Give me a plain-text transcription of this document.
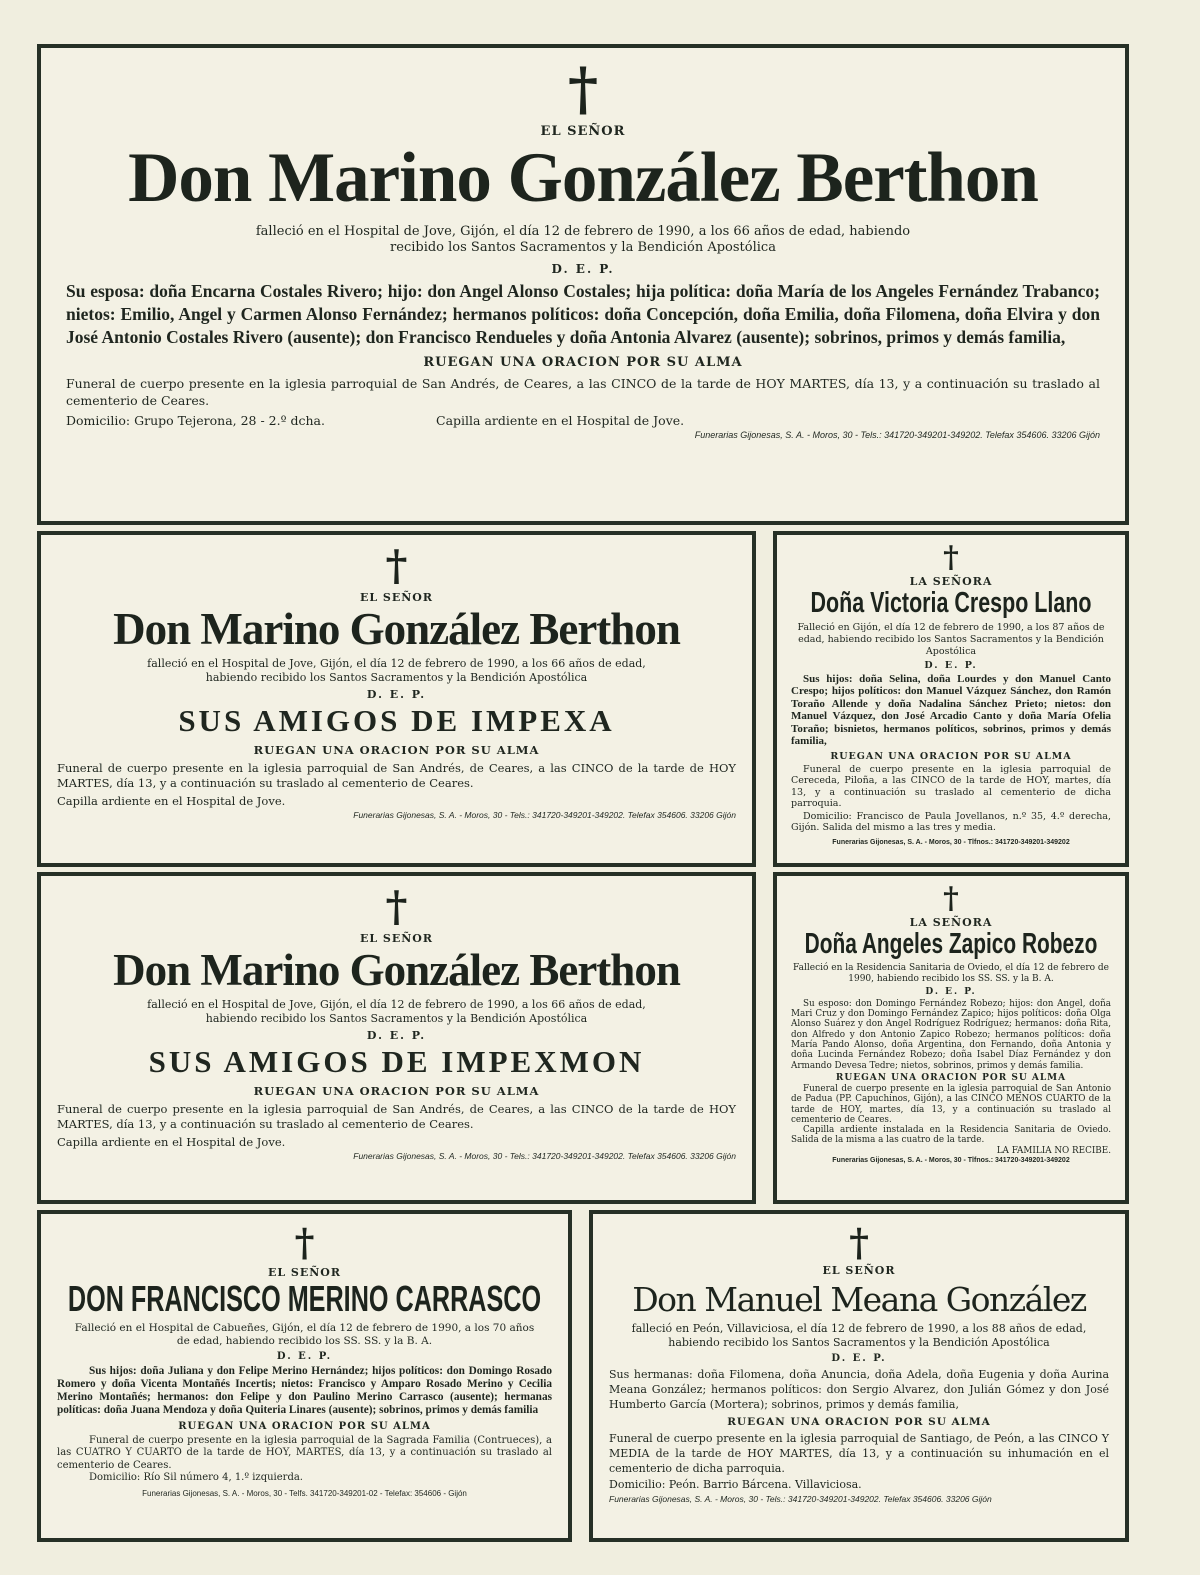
†
EL SEÑOR
Don Marino González Berthon
falleció en el Hospital de Jove, Gijón, el día 12 de febrero de 1990, a los 66 años de edad, habiendo recibido los Santos Sacramentos y la Bendición Apostólica
D. E. P.
Su esposa: doña Encarna Costales Rivero; hijo: don Angel Alonso Costales; hija política: doña María de los Angeles Fernández Trabanco; nietos: Emilio, Angel y Carmen Alonso Fernández; hermanos políticos: doña Concepción, doña Emilia, doña Filomena, doña Elvira y don José Antonio Costales Rivero (ausente); don Francisco Rendueles y doña Antonia Alvarez (ausente); sobrinos, primos y demás familia,
RUEGAN UNA ORACION POR SU ALMA
Funeral de cuerpo presente en la iglesia parroquial de San Andrés, de Ceares, a las CINCO de la tarde de HOY MARTES, día 13, y a continuación su traslado al cementerio de Ceares.
Domicilio: Grupo Tejerona, 28 - 2.º dcha.	Capilla ardiente en el Hospital de Jove.
Funerarias Gijonesas, S. A. - Moros, 30 - Tels.: 341720-349201-349202. Telefax 354606. 33206 Gijón
†
EL SEÑOR
Don Marino González Berthon
falleció en el Hospital de Jove, Gijón, el día 12 de febrero de 1990, a los 66 años de edad, habiendo recibido los Santos Sacramentos y la Bendición Apostólica
D. E. P.
SUS AMIGOS DE IMPEXA
RUEGAN UNA ORACION POR SU ALMA
Funeral de cuerpo presente en la iglesia parroquial de San Andrés, de Ceares, a las CINCO de la tarde de HOY MARTES, día 13, y a continuación su traslado al cementerio de Ceares.
Capilla ardiente en el Hospital de Jove.
Funerarias Gijonesas, S. A. - Moros, 30 - Tels.: 341720-349201-349202. Telefax 354606. 33206 Gijón
†
LA SEÑORA
Doña Victoria Crespo Llano
Falleció en Gijón, el día 12 de febrero de 1990, a los 87 años de edad, habiendo recibido los Santos Sacramentos y la Bendición Apostólica
D. E. P.
Sus hijos: doña Selina, doña Lourdes y don Manuel Canto Crespo; hijos políticos: don Manuel Vázquez Sánchez, don Ramón Toraño Allende y doña Nadalina Sánchez Prieto; nietos: don Manuel Vázquez, don José Arcadio Canto y doña María Ofelia Toraño; bisnietos, hermanos políticos, sobrinos, primos y demás familia,
RUEGAN UNA ORACION POR SU ALMA
Funeral de cuerpo presente en la iglesia parroquial de Cereceda, Piloña, a las CINCO de la tarde de HOY, martes, día 13, y a continuación su traslado al cementerio de dicha parroquia.
Domicilio: Francisco de Paula Jovellanos, n.º 35, 4.º derecha, Gijón. Salida del mismo a las tres y media.
Funerarias Gijonesas, S. A. - Moros, 30 - Tlfnos.: 341720-349201-349202
†
EL SEÑOR
Don Marino González Berthon
falleció en el Hospital de Jove, Gijón, el día 12 de febrero de 1990, a los 66 años de edad, habiendo recibido los Santos Sacramentos y la Bendición Apostólica
D. E. P.
SUS AMIGOS DE IMPEXMON
RUEGAN UNA ORACION POR SU ALMA
Funeral de cuerpo presente en la iglesia parroquial de San Andrés, de Ceares, a las CINCO de la tarde de HOY MARTES, día 13, y a continuación su traslado al cementerio de Ceares.
Capilla ardiente en el Hospital de Jove.
Funerarias Gijonesas, S. A. - Moros, 30 - Tels.: 341720-349201-349202. Telefax 354606. 33206 Gijón
†
LA SEÑORA
Doña Angeles Zapico Robezo
Falleció en la Residencia Sanitaria de Oviedo, el día 12 de febrero de 1990, habiendo recibido los SS. SS. y la B. A.
D. E. P.
Su esposo: don Domingo Fernández Robezo; hijos: don Angel, doña Mari Cruz y don Domingo Fernández Zapico; hijos políticos: doña Olga Alonso Suárez y don Angel Rodríguez Rodríguez; hermanos: doña Rita, don Alfredo y don Antonio Zapico Robezo; hermanos políticos: doña María Pando Alonso, doña Argentina, don Fernando, doña Antonia y doña Lucinda Fernández Robezo; doña Isabel Díaz Fernández y don Armando Devesa Tedre; nietos, sobrinos, primos y demás familia.
RUEGAN UNA ORACION POR SU ALMA
Funeral de cuerpo presente en la iglesia parroquial de San Antonio de Padua (PP. Capuchinos, Gijón), a las CINCO MENOS CUARTO de la tarde de HOY, martes, día 13, y a continuación su traslado al cementerio de Ceares.
Capilla ardiente instalada en la Residencia Sanitaria de Oviedo. Salida de la misma a las cuatro de la tarde.
LA FAMILIA NO RECIBE.
Funerarias Gijonesas, S. A. - Moros, 30 - Tlfnos.: 341720-349201-349202
†
EL SEÑOR
DON FRANCISCO MERINO CARRASCO
Falleció en el Hospital de Cabueñes, Gijón, el día 12 de febrero de 1990, a los 70 años de edad, habiendo recibido los SS. SS. y la B. A.
D. E. P.
Sus hijos: doña Juliana y don Felipe Merino Hernández; hijos políticos: don Domingo Rosado Romero y doña Vicenta Montañés Incertis; nietos: Francisco y Amparo Rosado Merino y Cecilia Merino Montañés; hermanos: don Felipe y don Paulino Merino Carrasco (ausente); hermanas políticas: doña Juana Mendoza y doña Quiteria Linares (ausente); sobrinos, primos y demás familia
RUEGAN UNA ORACION POR SU ALMA
Funeral de cuerpo presente en la iglesia parroquial de la Sagrada Familia (Contrueces), a las CUATRO Y CUARTO de la tarde de HOY, MARTES, día 13, y a continuación su traslado al cementerio de Ceares.
Domicilio: Río Sil número 4, 1.º izquierda.
Funerarias Gijonesas, S. A. - Moros, 30 - Telfs. 341720-349201-02 - Telefax: 354606 - Gijón
†
EL SEÑOR
Don Manuel Meana González
falleció en Peón, Villaviciosa, el día 12 de febrero de 1990, a los 88 años de edad, habiendo recibido los Santos Sacramentos y la Bendición Apostólica
D. E. P.
Sus hermanas: doña Filomena, doña Anuncia, doña Adela, doña Eugenia y doña Aurina Meana González; hermanos políticos: don Sergio Alvarez, don Julián Gómez y don José Humberto García (Mortera); sobrinos, primos y demás familia,
RUEGAN UNA ORACION POR SU ALMA
Funeral de cuerpo presente en la iglesia parroquial de Santiago, de Peón, a las CINCO Y MEDIA de la tarde de HOY MARTES, día 13, y a continuación su inhumación en el cementerio de dicha parroquia.
Domicilio: Peón. Barrio Bárcena. Villaviciosa.
Funerarias Gijonesas, S. A. - Moros, 30 - Tels.: 341720-349201-349202. Telefax 354606. 33206 Gijón
